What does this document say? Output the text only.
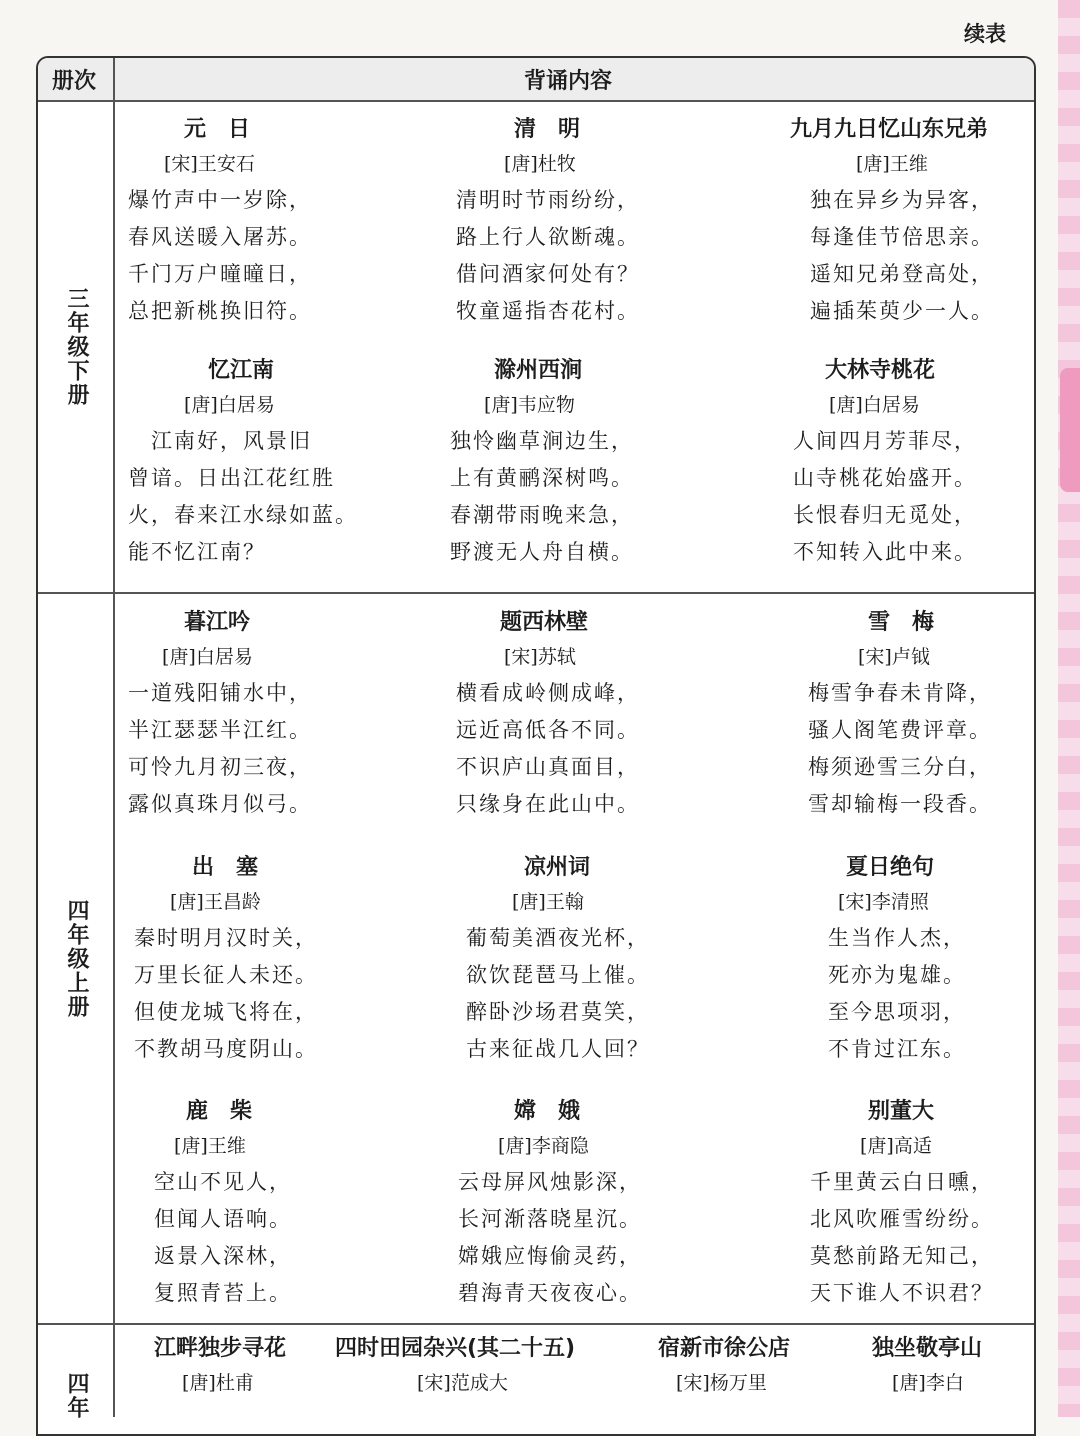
续表
册次	背诵内容
三年级下册
四年级上册
四年
元　日
[宋]王安石
爆竹声中一岁除，
春风送暖入屠苏。
千门万户曈曈日，
总把新桃换旧符。
清　明
[唐]杜牧
清明时节雨纷纷，
路上行人欲断魂。
借问酒家何处有？
牧童遥指杏花村。
九月九日忆山东兄弟
[唐]王维
独在异乡为异客，
每逢佳节倍思亲。
遥知兄弟登高处，
遍插茱萸少一人。
忆江南
[唐]白居易
　江南好，风景旧
曾谙。日出江花红胜
火，春来江水绿如蓝。
能不忆江南？
滁州西涧
[唐]韦应物
独怜幽草涧边生，
上有黄鹂深树鸣。
春潮带雨晚来急，
野渡无人舟自横。
大林寺桃花
[唐]白居易
人间四月芳菲尽，
山寺桃花始盛开。
长恨春归无觅处，
不知转入此中来。
暮江吟
[唐]白居易
一道残阳铺水中，
半江瑟瑟半江红。
可怜九月初三夜，
露似真珠月似弓。
题西林壁
[宋]苏轼
横看成岭侧成峰，
远近高低各不同。
不识庐山真面目，
只缘身在此山中。
雪　梅
[宋]卢钺
梅雪争春未肯降，
骚人阁笔费评章。
梅须逊雪三分白，
雪却输梅一段香。
出　塞
[唐]王昌龄
秦时明月汉时关，
万里长征人未还。
但使龙城飞将在，
不教胡马度阴山。
凉州词
[唐]王翰
葡萄美酒夜光杯，
欲饮琵琶马上催。
醉卧沙场君莫笑，
古来征战几人回？
夏日绝句
[宋]李清照
生当作人杰，
死亦为鬼雄。
至今思项羽，
不肯过江东。
鹿　柴
[唐]王维
空山不见人，
但闻人语响。
返景入深林，
复照青苔上。
嫦　娥
[唐]李商隐
云母屏风烛影深，
长河渐落晓星沉。
嫦娥应悔偷灵药，
碧海青天夜夜心。
别董大
[唐]高适
千里黄云白日曛，
北风吹雁雪纷纷。
莫愁前路无知己，
天下谁人不识君？
江畔独步寻花
[唐]杜甫
四时田园杂兴(其二十五)
[宋]范成大
宿新市徐公店
[宋]杨万里
独坐敬亭山
[唐]李白
